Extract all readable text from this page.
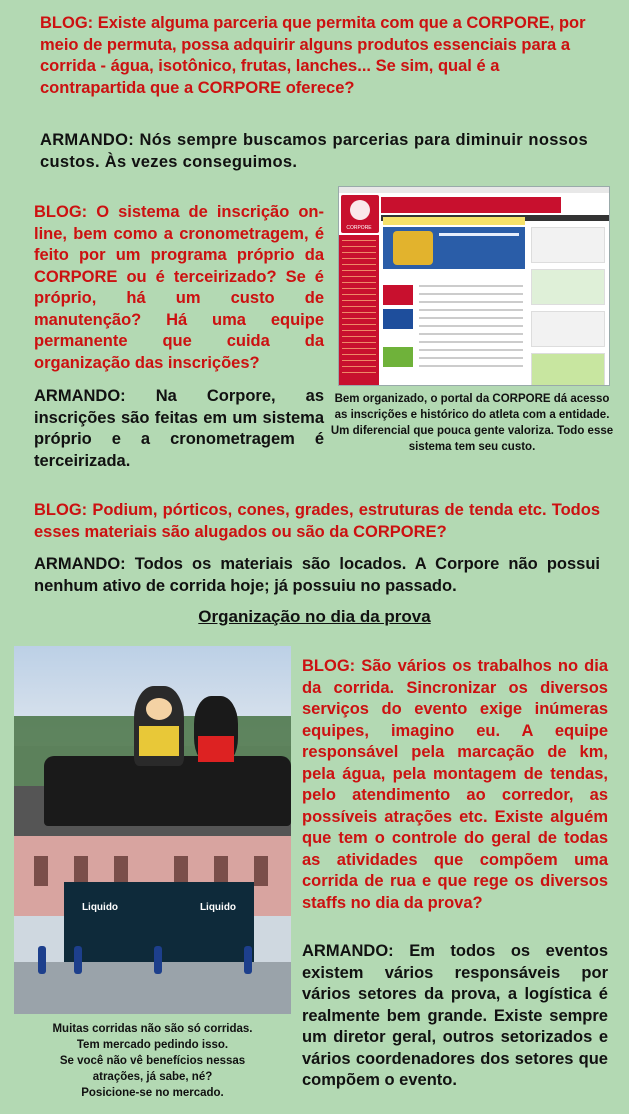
BLOG: Existe alguma parceria que permita com que a CORPORE, por meio de permuta, possa adquirir alguns produtos essenciais para a corrida - água, isotônico, frutas, lanches... Se sim, qual é a contrapartida que a CORPORE oferece?

ARMANDO: Nós sempre buscamos parcerias para diminuir nossos custos. Às vezes conseguimos.

BLOG: O sistema de inscrição on-line, bem como a cronometragem, é feito por um programa próprio da CORPORE ou é terceirizado? Se é próprio, há um custo de manutenção? Há uma equipe permanente que cuida da organização das inscrições?

ARMANDO: Na Corpore, as inscrições são feitas em um sistema próprio e a cronometragem é terceirizada.

CORPORE
Bem organizado, o portal da CORPORE dá acesso as inscrições e histórico do atleta com a entidade. Um diferencial que pouca gente valoriza. Todo esse sistema tem seu custo.

BLOG: Podium, pórticos, cones, grades, estruturas de tenda etc. Todos esses materiais são alugados ou são da CORPORE?

ARMANDO: Todos os materiais são locados. A Corpore não possui nenhum ativo de corrida hoje; já possuiu no passado.

Organização no dia da prova
Liquido	Liquido
Muitas corridas não são só corridas.
Tem mercado pedindo isso.
Se você não vê benefícios nessas
atrações, já sabe, né?
Posicione-se no mercado.

BLOG: São vários os trabalhos no dia da corrida. Sincronizar os diversos serviços do evento exige inúmeras equipes, imagino eu. A equipe responsável pela marcação de km, pela água, pela montagem de tendas, pelo atendimento ao corredor, as possíveis atrações etc. Existe alguém que tem o controle do geral de todas as atividades que compõem uma corrida de rua e que rege os diversos staffs no dia da prova?

ARMANDO: Em todos os eventos existem vários responsáveis por vários setores da prova, a logística é realmente bem grande. Existe sempre um diretor geral, outros setorizados e vários coordenadores dos setores que compõem o evento.
